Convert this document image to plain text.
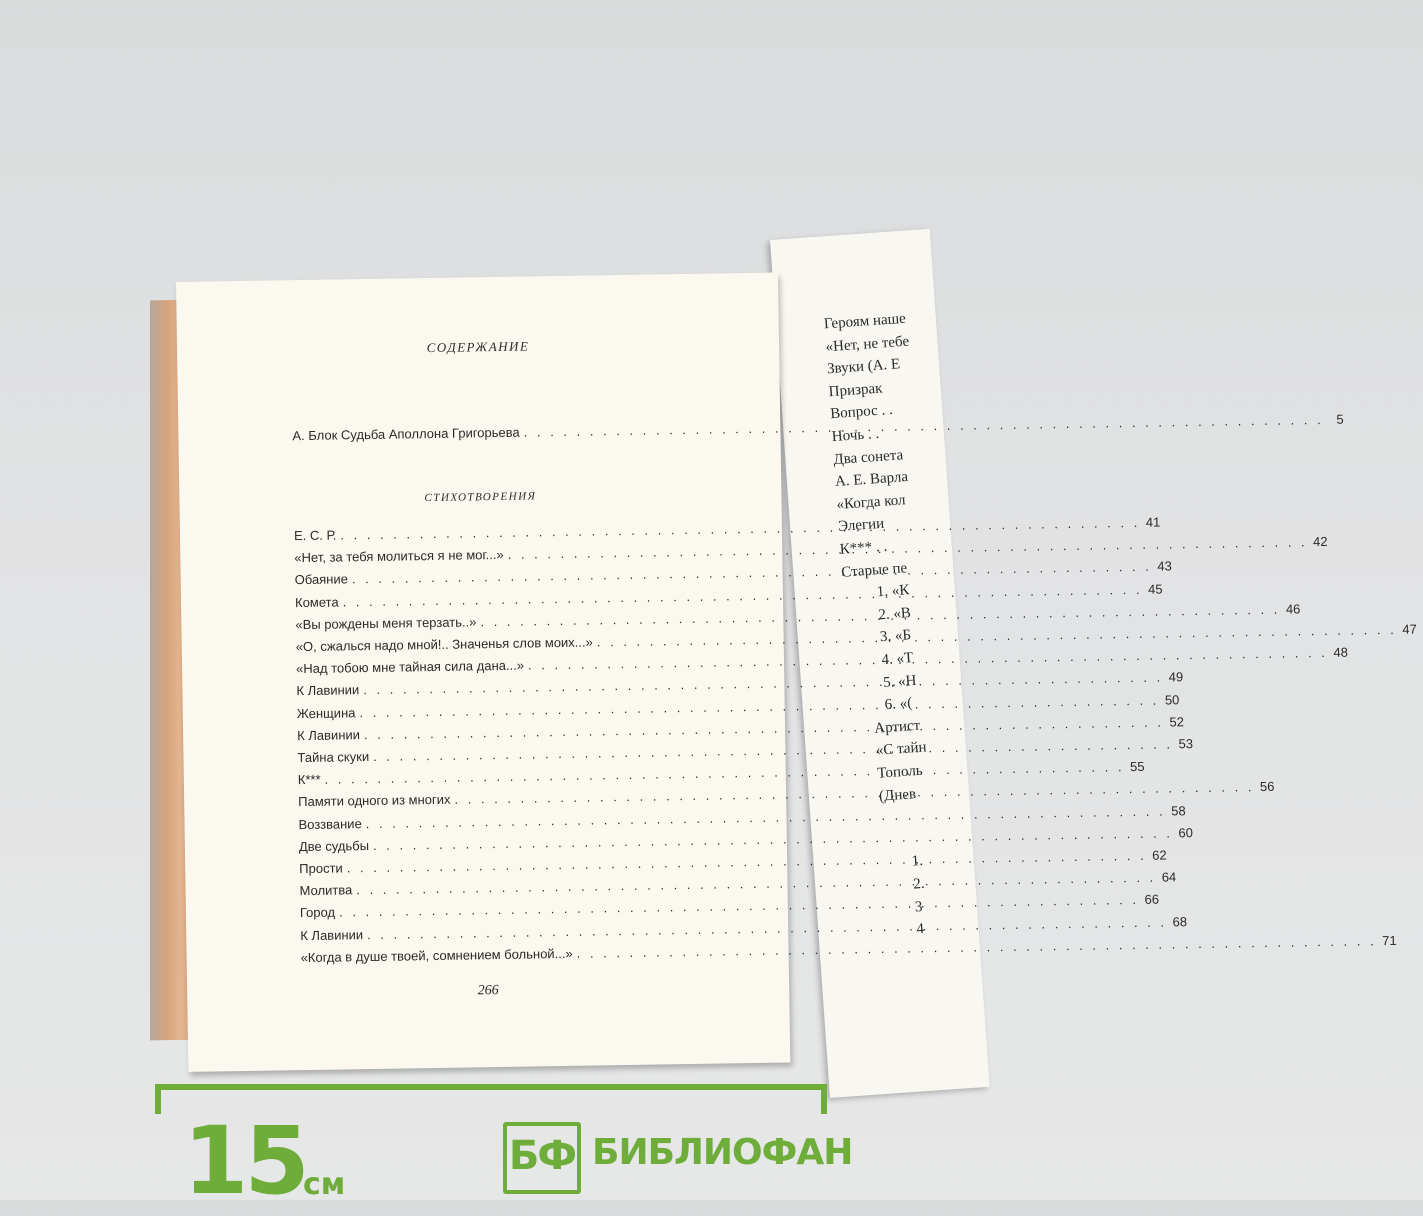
Героям наше
«Нет, не тебе
Звуки (А. Е
Призрак
Вопрос . .
Ночь . .
Два сонета
А. Е. Варла
«Когда кол
Элегии
К*** . .
Старые пе
1. «К
2. «В
3. «Б
4. «Т
5. «Н
6. «(
Артист
«С тайн
Тополь
(Днев
1.
2.
3
4
СОДЕРЖАНИЕ
А. Блок Судьба Аполлона Григорьева
. . .
5
СТИХОТВОРЕНИЯ
Е. С. Р.
. . .
41
«Нет, за тебя молиться я не мог...»
. . .
42
Обаяние
. . .
43
Комета
. . .
45
«Вы рождены меня терзать..»
. . .
46
«О, сжалься надо мной!.. Значенья слов моих...»
. . .
47
«Над тобою мне тайная сила дана...»
. . .
48
К Лавинии
. . .
49
Женщина
. . .
50
К Лавинии
. . .
52
Тайна скуки
. . .
53
К***
. . .
55
Памяти одного из многих
. . .
56
Воззвание
. . .
58
Две судьбы
. . .
60
Прости
. . .
62
Молитва
. . .
64
Город
. . .
66
К Лавинии
. . .
68
«Когда в душе твоей, сомнением больной...»
. . .
71
266
15
см
БФ БИБЛИОФАН
